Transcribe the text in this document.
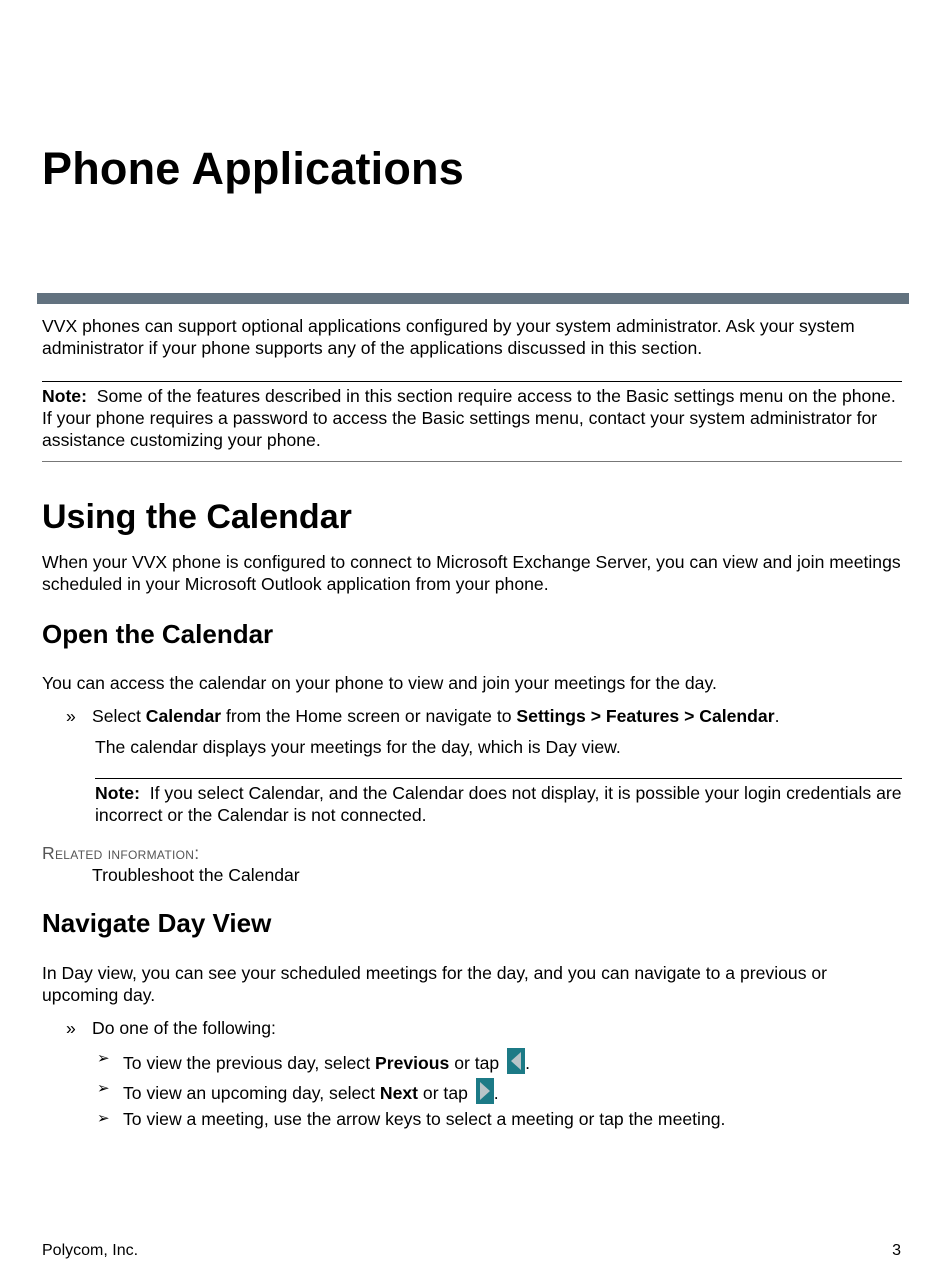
Phone Applications

VVX phones can support optional applications configured by your system administrator. Ask your system administrator if your phone supports any of the applications discussed in this section.

Note: Some of the features described in this section require access to the Basic settings menu on the phone. If your phone requires a password to access the Basic settings menu, contact your system administrator for assistance customizing your phone.

Using the Calendar

When your VVX phone is configured to connect to Microsoft Exchange Server, you can view and join meetings scheduled in your Microsoft Outlook application from your phone.

Open the Calendar

You can access the calendar on your phone to view and join your meetings for the day.

» Select Calendar from the Home screen or navigate to Settings > Features > Calendar.

The calendar displays your meetings for the day, which is Day view.

Note: If you select Calendar, and the Calendar does not display, it is possible your login credentials are incorrect or the Calendar is not connected.

Related information:
Troubleshoot the Calendar
Navigate Day View

In Day view, you can see your scheduled meetings for the day, and you can navigate to a previous or upcoming day.

» Do one of the following:

➢ To view the previous day, select Previous or tap
.
➢ To view an upcoming day, select Next or tap
.
➢ To view a meeting, use the arrow keys to select a meeting or tap the meeting.
Polycom, Inc.	3
